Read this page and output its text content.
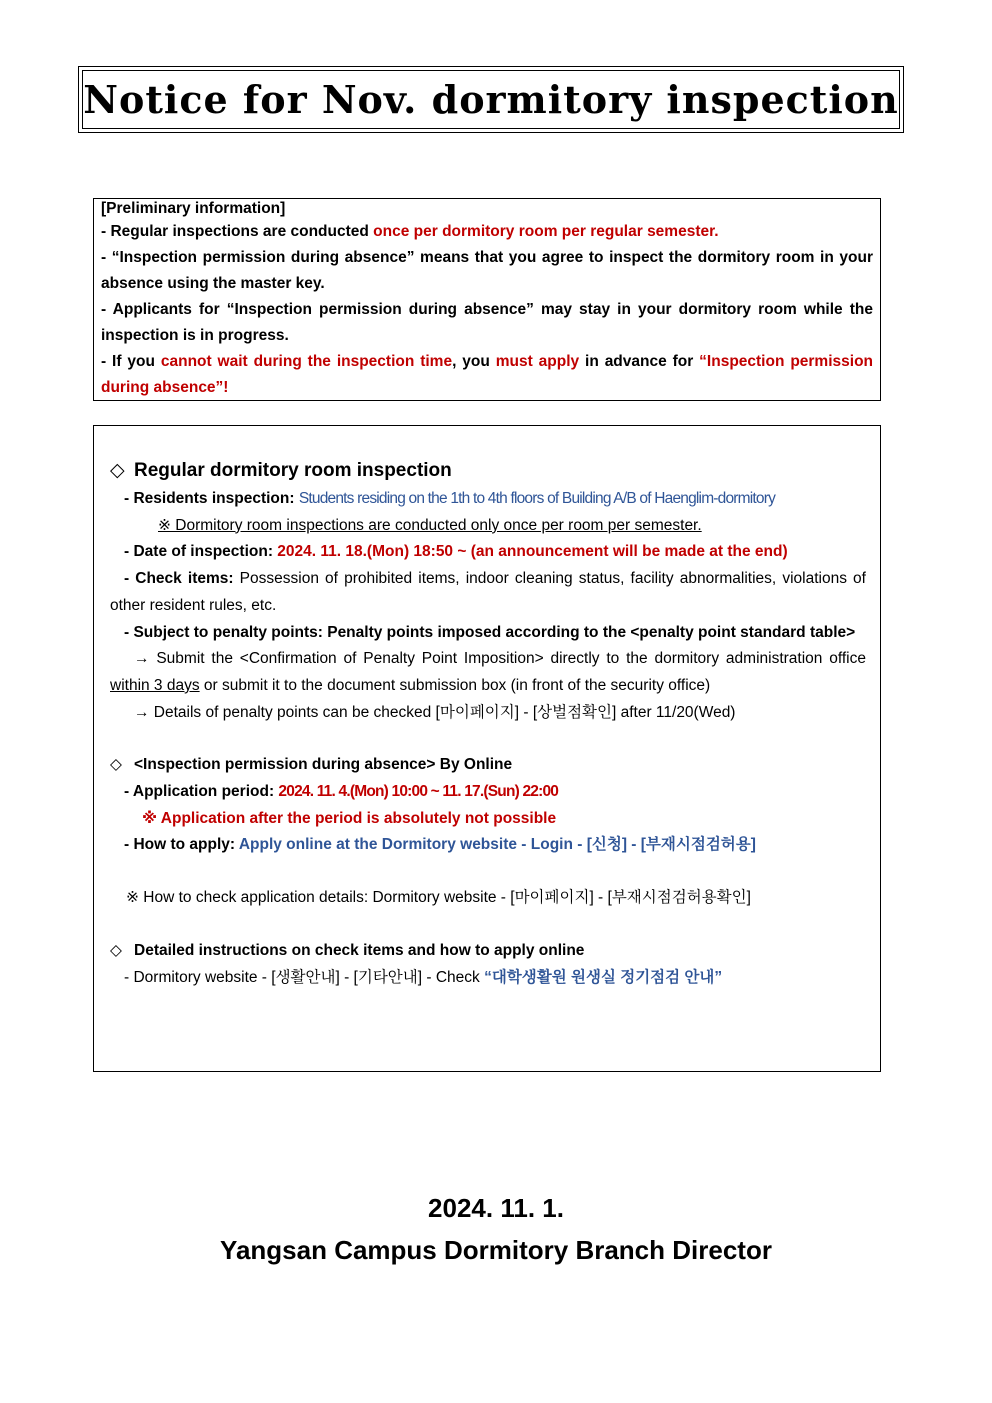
Notice for Nov. dormitory inspection

[Preliminary information]

- Regular inspections are conducted once per dormitory room per regular semester.

- “Inspection permission during absence” means that you agree to inspect the dormitory room in your absence using the master key.

- Applicants for “Inspection permission during absence” may stay in your dormitory room while the inspection is in progress.

- If you cannot wait during the inspection time, you must apply in advance for “Inspection permission during absence”!

◇ Regular dormitory room inspection

- Residents inspection: Students residing on the 1th to 4th floors of Building A/B of Haenglim-dormitory

※ Dormitory room inspections are conducted only once per room per semester.

- Date of inspection: 2024. 11. 18.(Mon) 18:50 ~ (an announcement will be made at the end)

- Check items: Possession of prohibited items, indoor cleaning status, facility abnormalities, violations of other resident rules, etc.

- Subject to penalty points: Penalty points imposed according to the <penalty point standard table>

→ Submit the <Confirmation of Penalty Point Imposition> directly to the dormitory administration office within 3 days or submit it to the document submission box (in front of the security office)

→ Details of penalty points can be checked [마이페이지] - [상벌점확인] after 11/20(Wed)

◇ <Inspection permission during absence> By Online

- Application period: 2024. 11. 4.(Mon) 10:00 ~ 11. 17.(Sun) 22:00

※ Application after the period is absolutely not possible

- How to apply: Apply online at the Dormitory website - Login - [신청] - [부재시점검허용]

※ How to check application details: Dormitory website - [마이페이지] - [부재시점검허용확인]

◇ Detailed instructions on check items and how to apply online

- Dormitory website - [생활안내] - [기타안내] - Check “대학생활원 원생실 정기점검 안내”

2024. 11. 1.
Yangsan Campus Dormitory Branch Director
